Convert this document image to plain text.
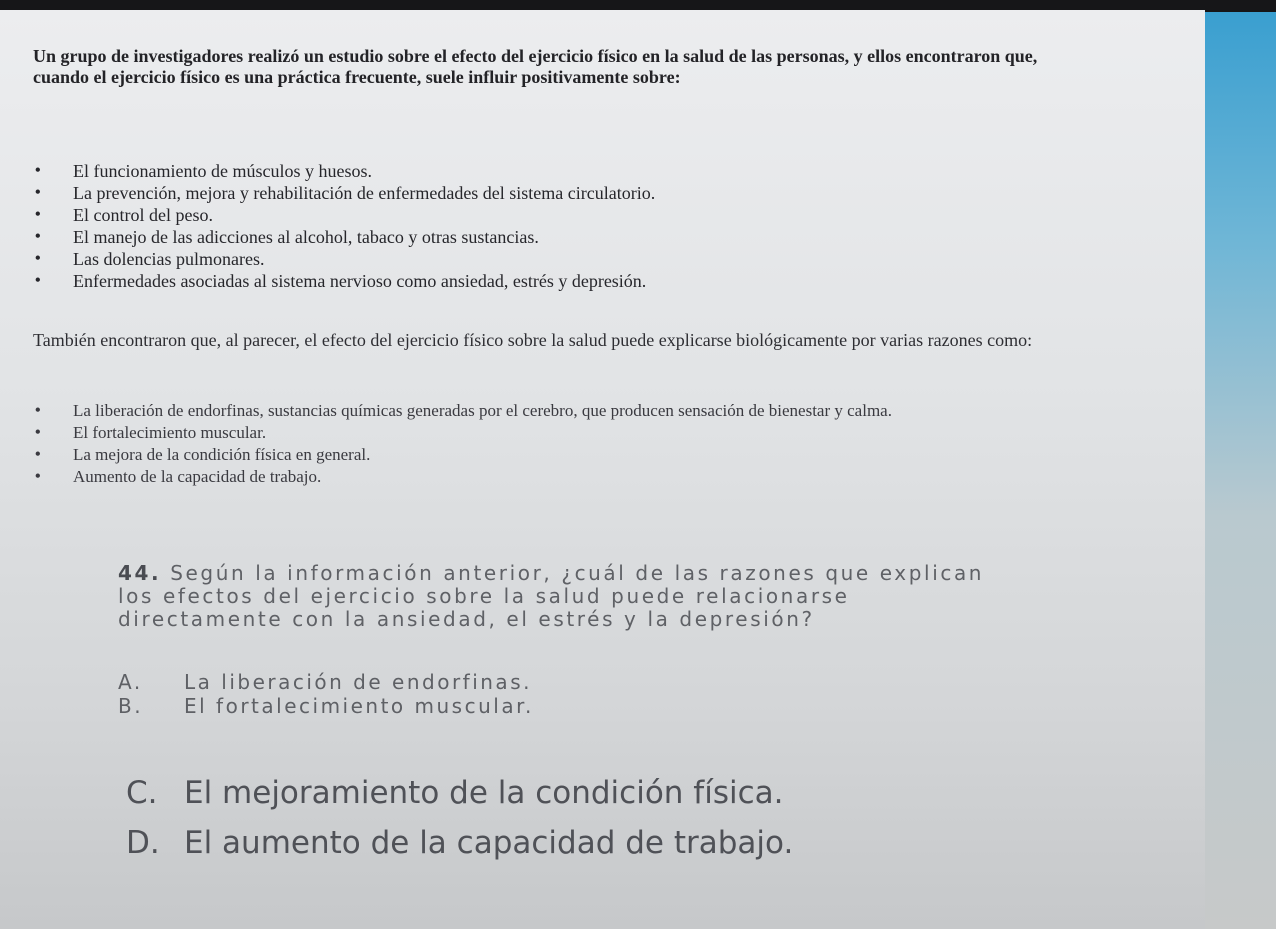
Un grupo de investigadores realizó un estudio sobre el efecto del ejercicio físico en la salud de las personas, y ellos encontraron que, cuando el ejercicio físico es una práctica frecuente, suele influir positivamente sobre:

• El funcionamiento de músculos y huesos.
• La prevención, mejora y rehabilitación de enfermedades del sistema circulatorio.
• El control del peso.
• El manejo de las adicciones al alcohol, tabaco y otras sustancias.
• Las dolencias pulmonares.
• Enfermedades asociadas al sistema nervioso como ansiedad, estrés y depresión.

También encontraron que, al parecer, el efecto del ejercicio físico sobre la salud puede explicarse biológicamente por varias razones como:

• La liberación de endorfinas, sustancias químicas generadas por el cerebro, que producen sensación de bienestar y calma.
• El fortalecimiento muscular.
• La mejora de la condición física en general.
• Aumento de la capacidad de trabajo.

44. Según la información anterior, ¿cuál de las razones que explican los efectos del ejercicio sobre la salud puede relacionarse directamente con la ansiedad, el estrés y la depresión?

A. La liberación de endorfinas.
B. El fortalecimiento muscular.
C. El mejoramiento de la condición física.
D. El aumento de la capacidad de trabajo.
